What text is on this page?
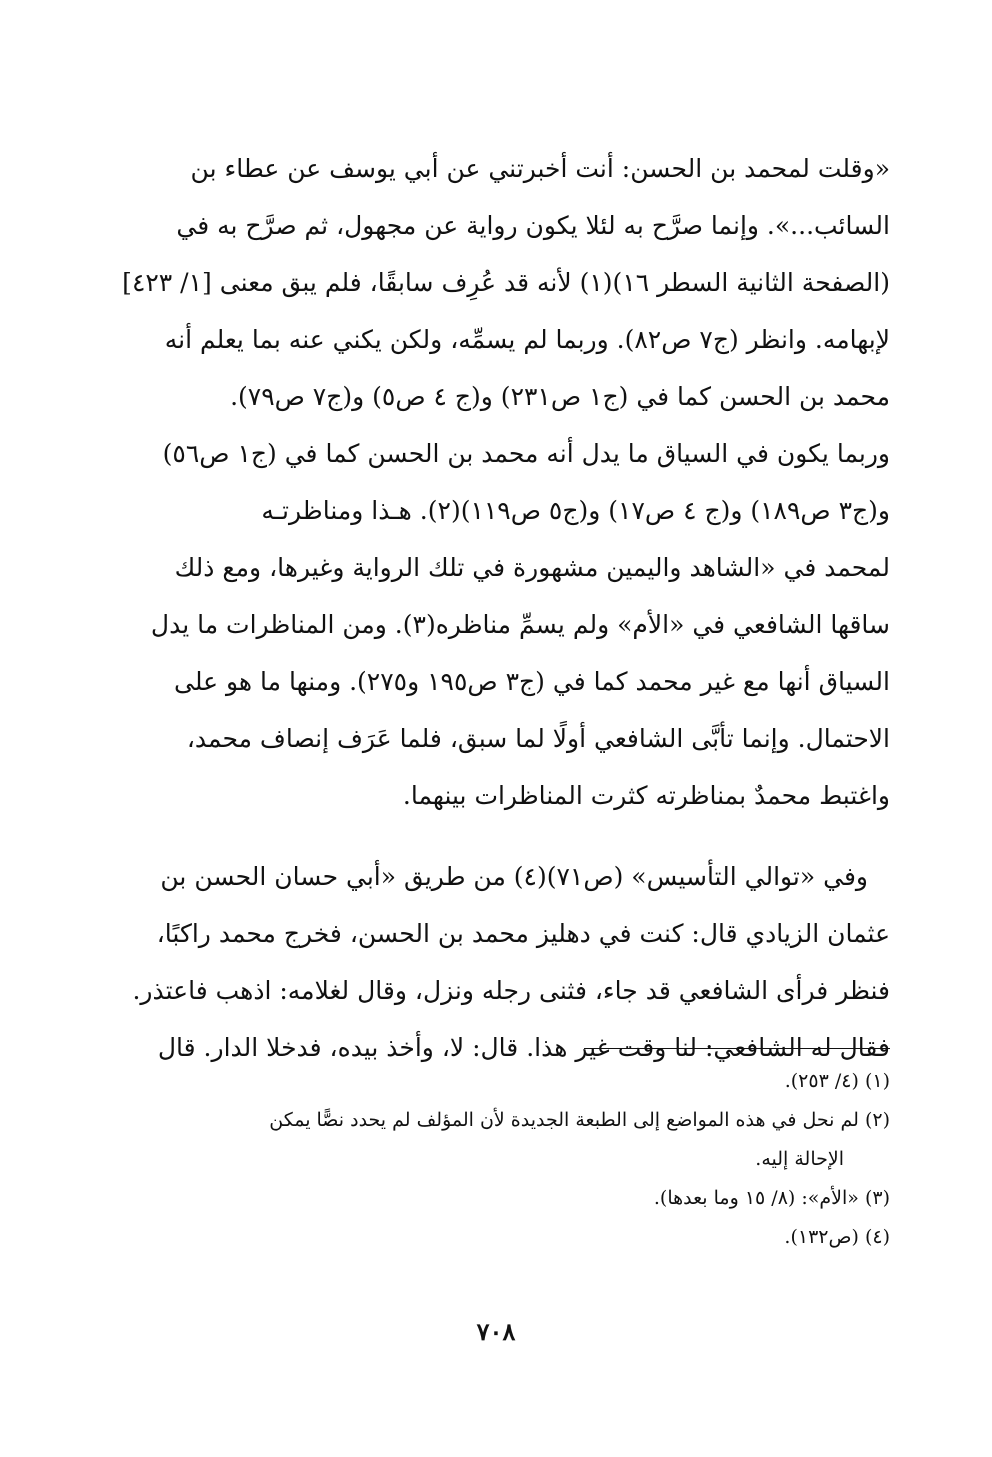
«وقلت لمحمد بن الحسن: أنت أخبرتني عن أبي يوسف عن عطاء بن
السائب...». وإنما صرَّح به لئلا يكون رواية عن مجهول، ثم صرَّح به في
(الصفحة الثانية السطر ١٦)(١) لأنه قد عُرِف سابقًا، فلم يبق معنى [١/ ٤٢٣]
لإبهامه. وانظر (ج٧ ص٨٢). وربما لم يسمِّه، ولكن يكني عنه بما يعلم أنه
محمد بن الحسن كما في (ج١ ص٢٣١) و(ج ٤ ص٥) و(ج٧ ص٧٩).
وربما يكون في السياق ما يدل أنه محمد بن الحسن كما في (ج١ ص٥٦)
و(ج٣ ص١٨٩) و(ج ٤ ص١٧) و(ج٥ ص١١٩)(٢). هـذا ومناظرتـه
لمحمد في «الشاهد واليمين مشهورة في تلك الرواية وغيرها، ومع ذلك
ساقها الشافعي في «الأم» ولم يسمِّ مناظره(٣). ومن المناظرات ما يدل
السياق أنها مع غير محمد كما في (ج٣ ص١٩٥ و٢٧٥). ومنها ما هو على
الاحتمال. وإنما تأبَّى الشافعي أولًا لما سبق، فلما عَرَف إنصاف محمد،
واغتبط محمدٌ بمناظرته كثرت المناظرات بينهما.
وفي «توالي التأسيس» (ص٧١)(٤) من طريق «أبي حسان الحسن بن
عثمان الزيادي قال: كنت في دهليز محمد بن الحسن، فخرج محمد راكبًا،
فنظر فرأى الشافعي قد جاء، فثنى رجله ونزل، وقال لغلامه: اذهب فاعتذر.
فقال له الشافعي: لنا وقت غير هذا. قال: لا، وأخذ بيده، فدخلا الدار. قال
(١) (٤/ ٢٥٣).
(٢) لم نحل في هذه المواضع إلى الطبعة الجديدة لأن المؤلف لم يحدد نصًّا يمكن
الإحالة إليه.
(٣) «الأم»: (٨/ ١٥ وما بعدها).
(٤) (ص١٣٢).
٧٠٨
